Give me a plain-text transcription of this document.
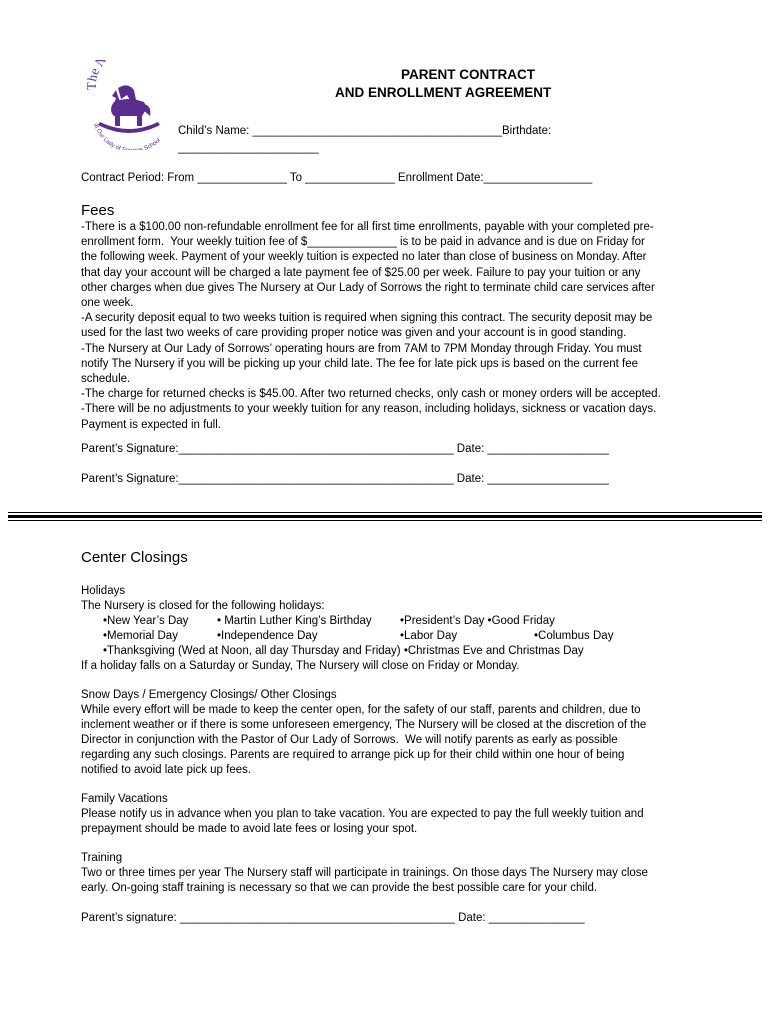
The N
at Our Lady of School
PARENT CONTRACT
AND ENROLLMENT AGREEMENT
Child’s Name: _______________________________________Birthdate:
______________________
Contract Period: From ______________ To ______________ Enrollment Date:_________________
Fees
-There is a $100.00 non-refundable enrollment fee for all first time enrollments, payable with your completed pre-
enrollment form.  Your weekly tuition fee of $______________ is to be paid in advance and is due on Friday for
the following week. Payment of your weekly tuition is expected no later than close of business on Monday. After
that day your account will be charged a late payment fee of $25.00 per week. Failure to pay your tuition or any
other charges when due gives The Nursery at Our Lady of Sorrows the right to terminate child care services after
one week.
-A security deposit equal to two weeks tuition is required when signing this contract. The security deposit may be
used for the last two weeks of care providing proper notice was given and your account is in good standing.
-The Nursery at Our Lady of Sorrows’ operating hours are from 7AM to 7PM Monday through Friday. You must
notify The Nursery if you will be picking up your child late. The fee for late pick ups is based on the current fee
schedule.
-The charge for returned checks is $45.00. After two returned checks, only cash or money orders will be accepted.
-There will be no adjustments to your weekly tuition for any reason, including holidays, sickness or vacation days.
Payment is expected in full.
Parent’s Signature:___________________________________________ Date: ___________________
Parent’s Signature:___________________________________________ Date: ___________________
Center Closings
Holidays
The Nursery is closed for the following holidays:
•New Year’s Day • Martin Luther King’s Birthday •President’s Day •Good Friday
•Memorial Day	•Independence Day	•Labor Day	•Columbus Day
•Thanksgiving (Wed at Noon, all day Thursday and Friday) •Christmas Eve and Christmas Day
If a holiday falls on a Saturday or Sunday, The Nursery will close on Friday or Monday.
Snow Days / Emergency Closings/ Other Closings
While every effort will be made to keep the center open, for the safety of our staff, parents and children, due to
inclement weather or if there is some unforeseen emergency, The Nursery will be closed at the discretion of the
Director in conjunction with the Pastor of Our Lady of Sorrows.  We will notify parents as early as possible
regarding any such closings. Parents are required to arrange pick up for their child within one hour of being
notified to avoid late pick up fees.
Family Vacations
Please notify us in advance when you plan to take vacation. You are expected to pay the full weekly tuition and
prepayment should be made to avoid late fees or losing your spot.
Training
Two or three times per year The Nursery staff will participate in trainings. On those days The Nursery may close
early. On-going staff training is necessary so that we can provide the best possible care for your child.
Parent’s signature: ___________________________________________ Date: _______________
